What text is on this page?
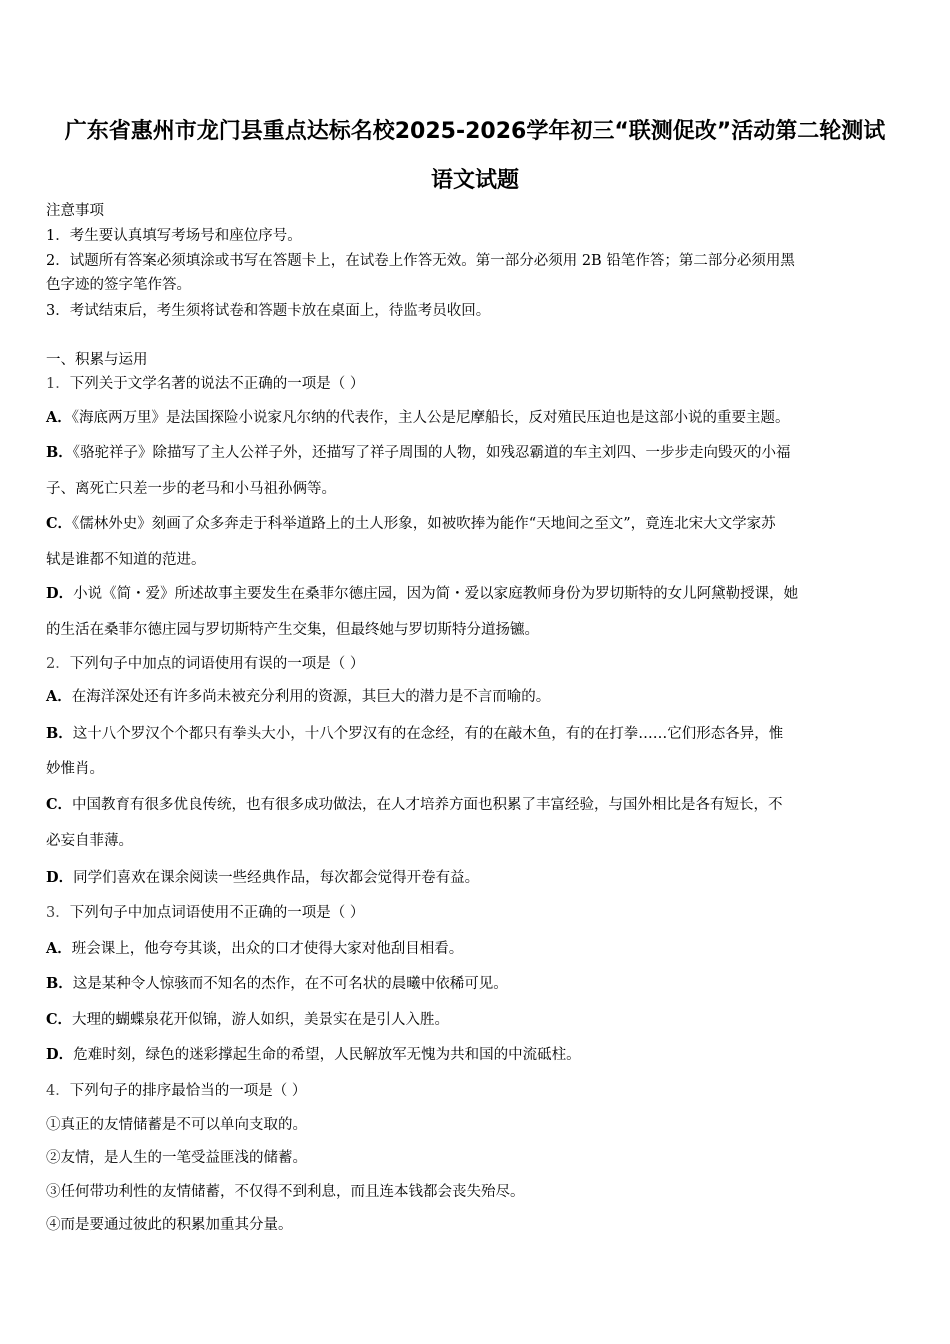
广东省惠州市龙门县重点达标名校2025-2026学年初三“联测促改”活动第二轮测试
语文试题
注意事项
1．考生要认真填写考场号和座位序号。
2．试题所有答案必须填涂或书写在答题卡上，在试卷上作答无效。第一部分必须用 2B 铅笔作答；第二部分必须用黑
色字迹的签字笔作答。
3．考试结束后，考生须将试卷和答题卡放在桌面上，待监考员收回。
一、积累与运用
1．下列关于文学名著的说法不正确的一项是（ ）
A．《海底两万里》是法国探险小说家凡尔纳的代表作，主人公是尼摩船长，反对殖民压迫也是这部小说的重要主题。
B．《骆驼祥子》除描写了主人公祥子外，还描写了祥子周围的人物，如残忍霸道的车主刘四、一步步走向毁灭的小福
子、离死亡只差一步的老马和小马祖孙俩等。
C．《儒林外史》刻画了众多奔走于科举道路上的土人形象，如被吹捧为能作“天地间之至文”，竟连北宋大文学家苏
轼是谁都不知道的范进。
D．小说《简・爱》所述故事主要发生在桑菲尔德庄园，因为简・爱以家庭教师身份为罗切斯特的女儿阿黛勒授课，她
的生活在桑菲尔德庄园与罗切斯特产生交集，但最终她与罗切斯特分道扬镳。
2．下列句子中加点的词语使用有误的一项是（ ）
A．在海洋深处还有许多尚未被充分利用的资源，其巨大的潜力是不言而喻的。
B．这十八个罗汉个个都只有拳头大小，十八个罗汉有的在念经，有的在敲木鱼，有的在打拳……它们形态各异，惟
妙惟肖。
C．中国教育有很多优良传统，也有很多成功做法，在人才培养方面也积累了丰富经验，与国外相比是各有短长，不
必妄自菲薄。
D．同学们喜欢在课余阅读一些经典作品，每次都会觉得开卷有益。
3．下列句子中加点词语使用不正确的一项是（ ）
A．班会课上，他夸夸其谈，出众的口才使得大家对他刮目相看。
B．这是某种令人惊骇而不知名的杰作，在不可名状的晨曦中依稀可见。
C．大理的蝴蝶泉花开似锦，游人如织，美景实在是引人入胜。
D．危难时刻，绿色的迷彩撑起生命的希望，人民解放军无愧为共和国的中流砥柱。
4．下列句子的排序最恰当的一项是（ ）
①真正的友情储蓄是不可以单向支取的。
②友情，是人生的一笔受益匪浅的储蓄。
③任何带功利性的友情储蓄，不仅得不到利息，而且连本钱都会丧失殆尽。
④而是要通过彼此的积累加重其分量。
